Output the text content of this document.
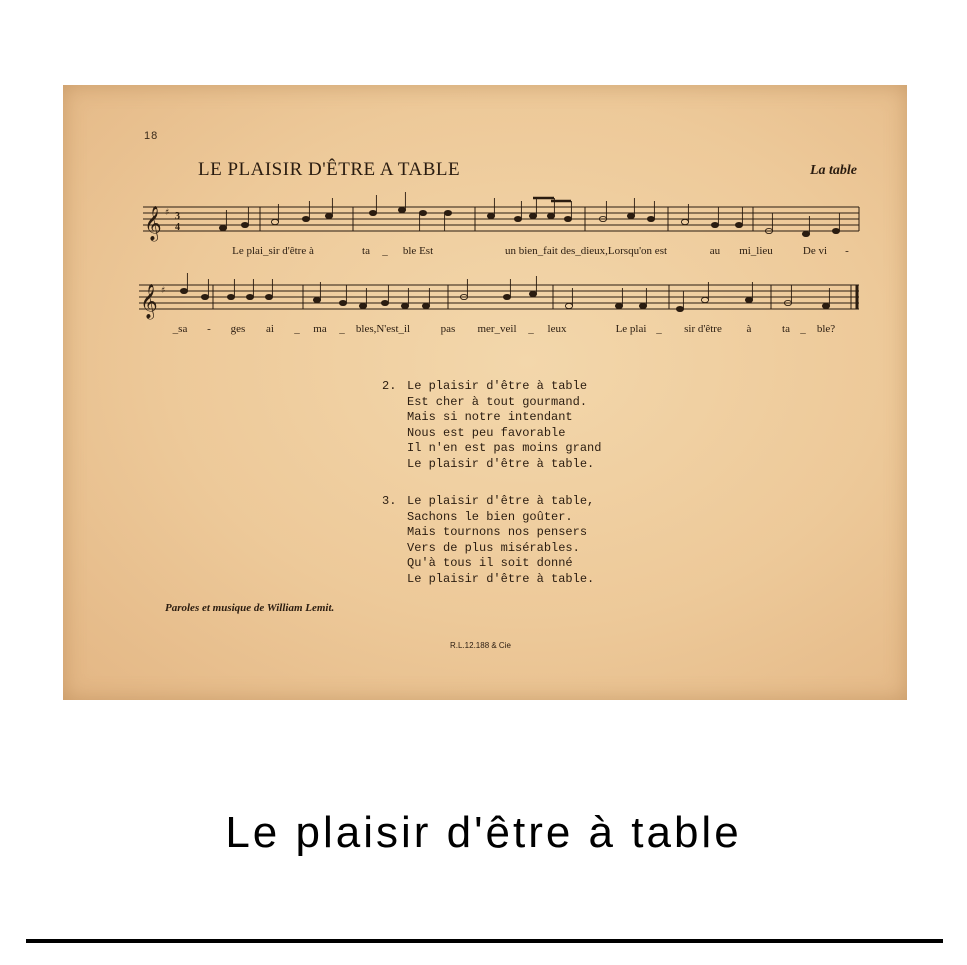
18
LE PLAISIR D'ÊTRE A TABLE	La table
𝄞
𝄞
♯
♯
3
4
Le plai_sir d'être à	ta _ ble Est	un bien_fait des_dieux,Lorsqu'on est	au mi_lieu	De vi -
_sa - ges ai _ ma _ bles,N'est_il	pas mer_veil _ leux	Le plai _ sir d'être à	ta _ ble?
2. Le plaisir d'être à table
Est cher à tout gourmand.
Mais si notre intendant
Nous est peu favorable
Il n'en est pas moins grand
Le plaisir d'être à table.
3. Le plaisir d'être à table,
Sachons le bien goûter.
Mais tournons nos pensers
Vers de plus misérables.
Qu'à tous il soit donné
Le plaisir d'être à table.
Paroles et musique de William Lemit.
R.L.12.188 & Cie
Le plaisir d'être à table
